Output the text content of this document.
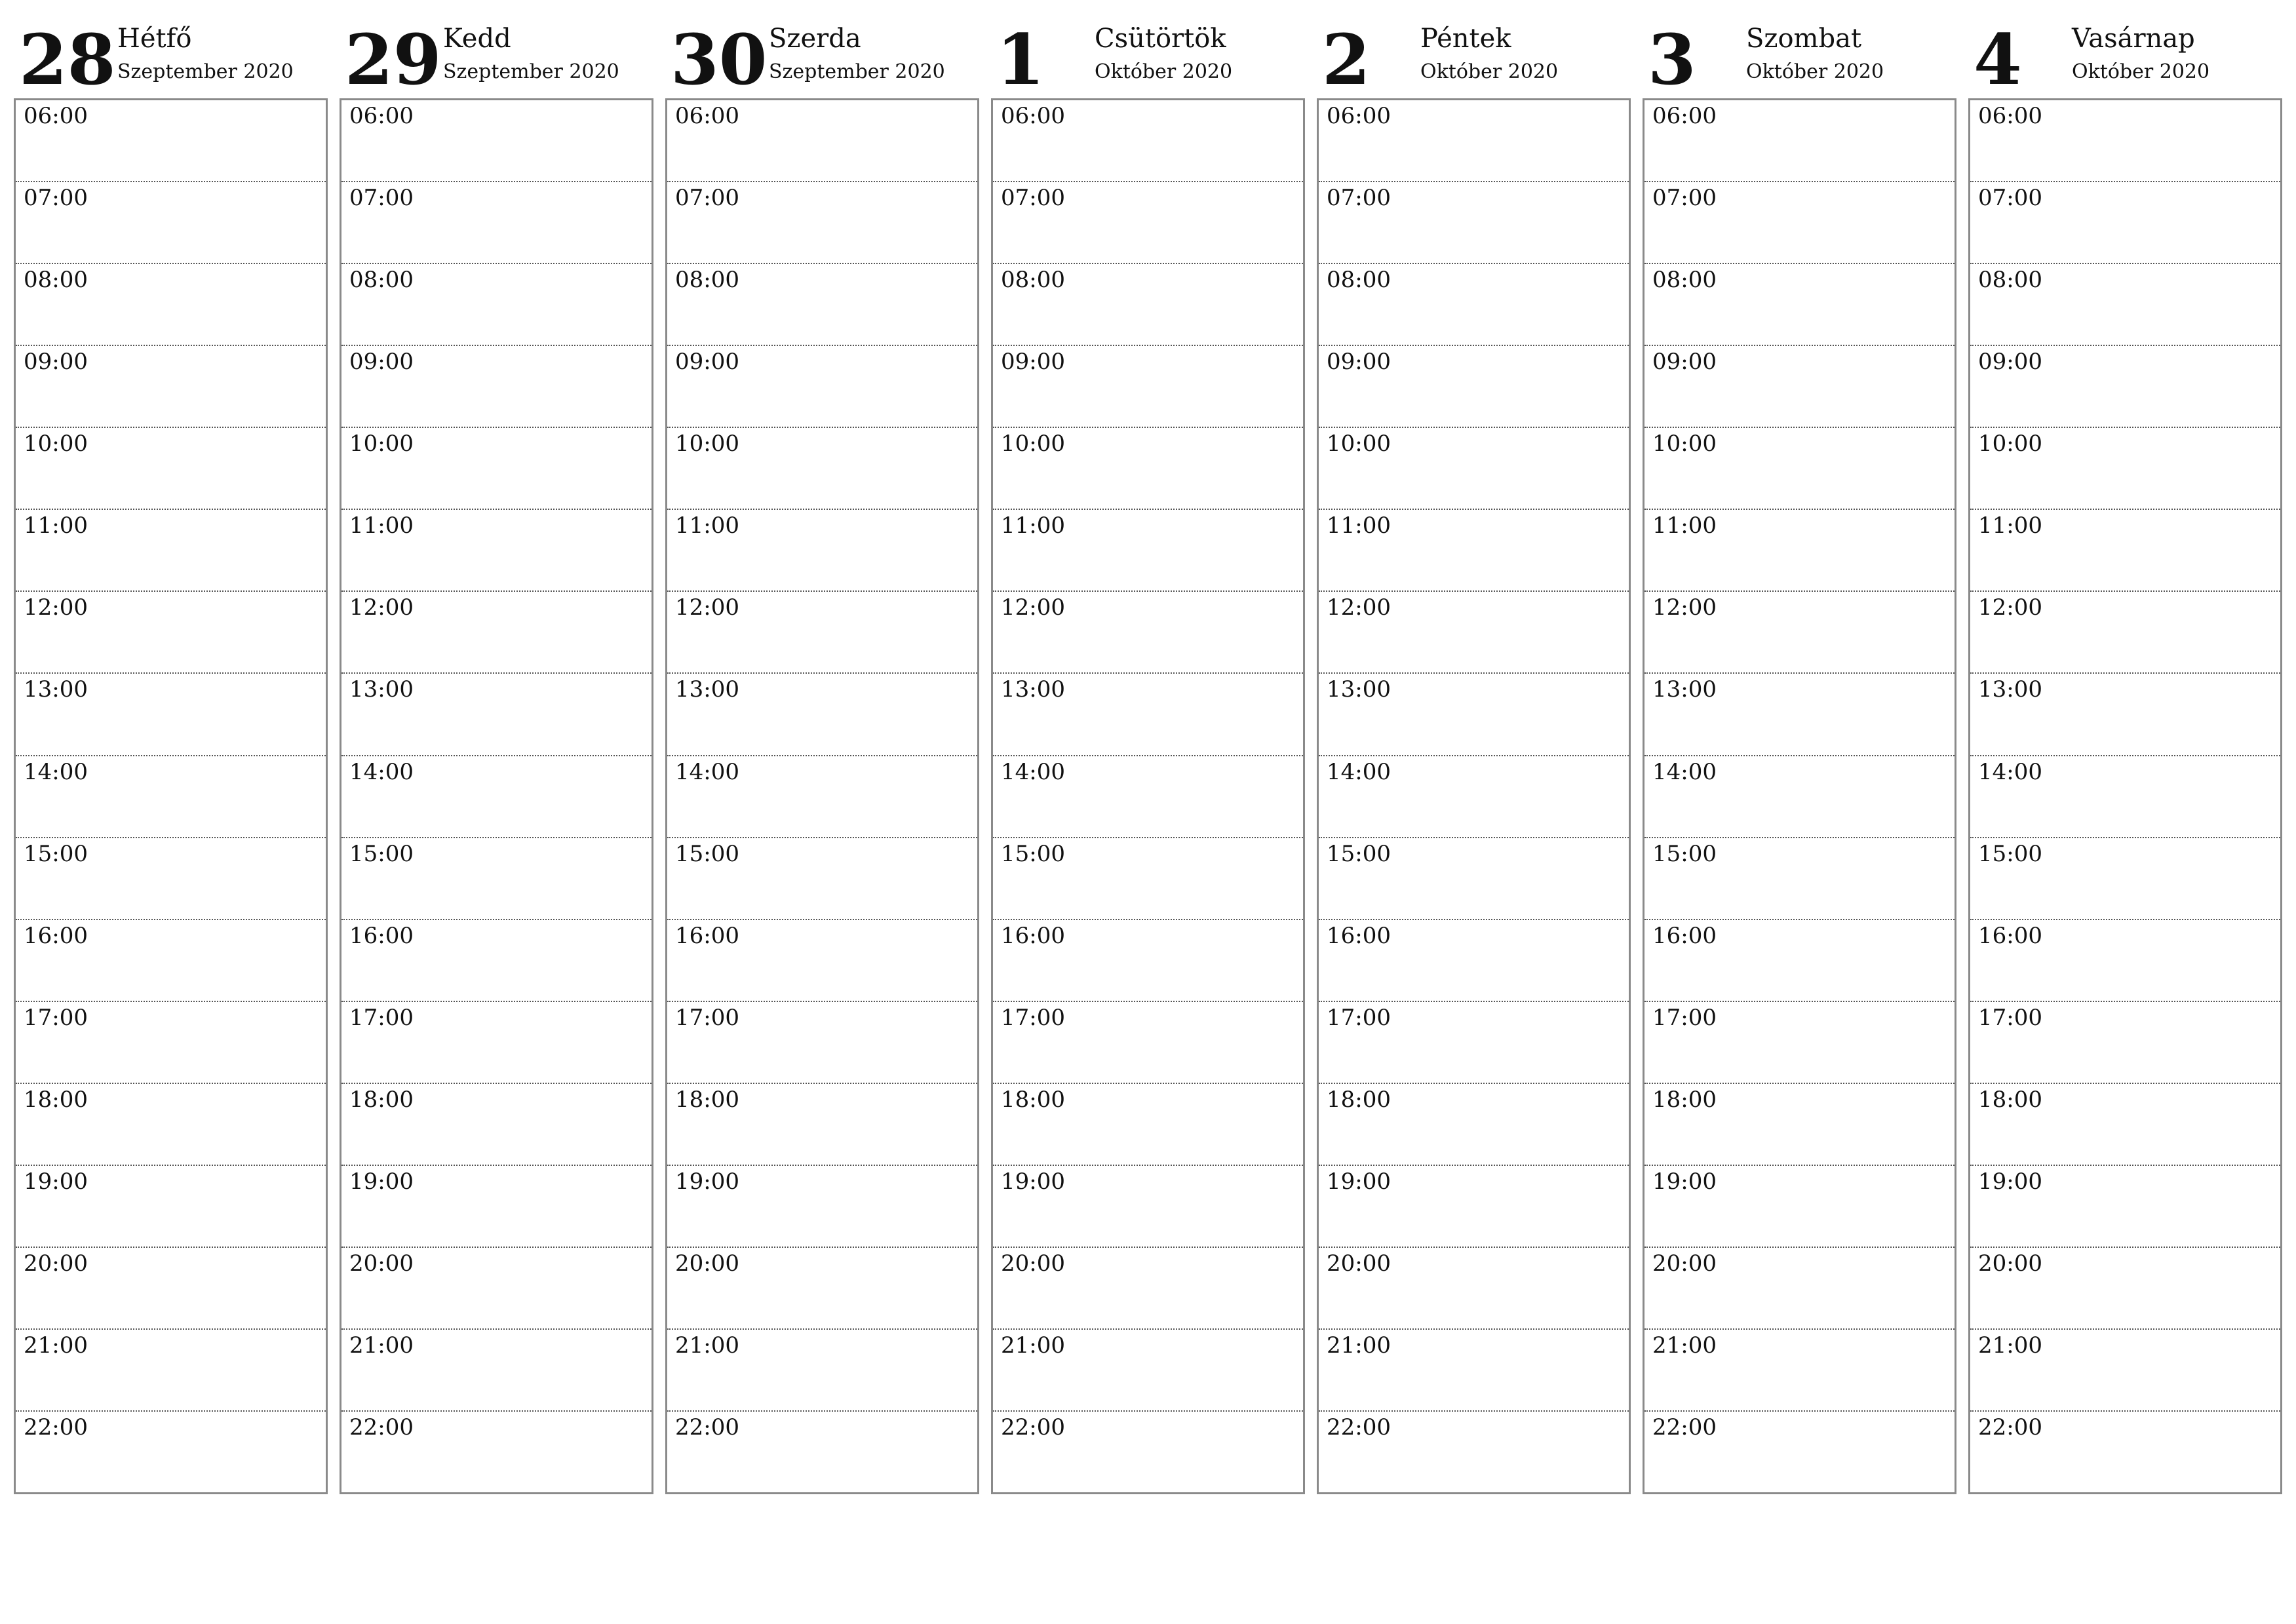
28 Hétfő
Szeptember 2020
06:00
07:00
08:00
09:00
10:00
11:00
12:00
13:00
14:00
15:00
16:00
17:00
18:00
19:00
20:00
21:00
22:00
29 Kedd
Szeptember 2020
06:00
07:00
08:00
09:00
10:00
11:00
12:00
13:00
14:00
15:00
16:00
17:00
18:00
19:00
20:00
21:00
22:00
30 Szerda
Szeptember 2020
06:00
07:00
08:00
09:00
10:00
11:00
12:00
13:00
14:00
15:00
16:00
17:00
18:00
19:00
20:00
21:00
22:00
1	Csütörtök
Október 2020
06:00
07:00
08:00
09:00
10:00
11:00
12:00
13:00
14:00
15:00
16:00
17:00
18:00
19:00
20:00
21:00
22:00
2	Péntek
Október 2020
06:00
07:00
08:00
09:00
10:00
11:00
12:00
13:00
14:00
15:00
16:00
17:00
18:00
19:00
20:00
21:00
22:00
3	Szombat
Október 2020
06:00
07:00
08:00
09:00
10:00
11:00
12:00
13:00
14:00
15:00
16:00
17:00
18:00
19:00
20:00
21:00
22:00
4	Vasárnap
Október 2020
06:00
07:00
08:00
09:00
10:00
11:00
12:00
13:00
14:00
15:00
16:00
17:00
18:00
19:00
20:00
21:00
22:00
